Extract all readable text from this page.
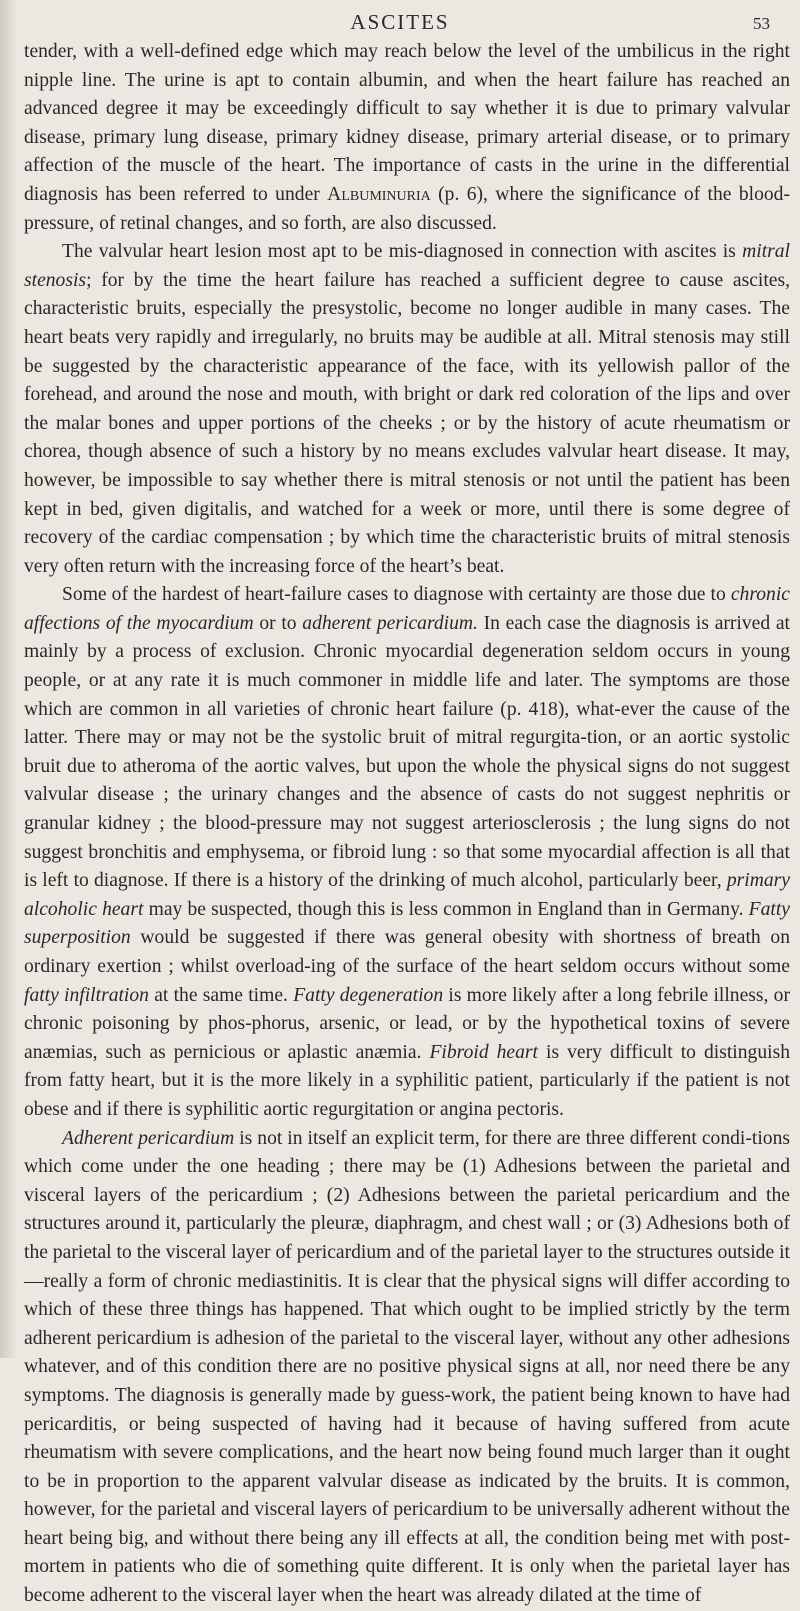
ASCITES	53

tender, with a well-defined edge which may reach below the level of the umbilicus in the right nipple line. The urine is apt to contain albumin, and when the heart failure has reached an advanced degree it may be exceedingly difficult to say whether it is due to primary valvular disease, primary lung disease, primary kidney disease, primary arterial disease, or to primary affection of the muscle of the heart. The importance of casts in the urine in the differential diagnosis has been referred to under Albuminuria (p. 6), where the significance of the blood-pressure, of retinal changes, and so forth, are also discussed.

The valvular heart lesion most apt to be mis-diagnosed in connection with ascites is mitral stenosis; for by the time the heart failure has reached a sufficient degree to cause ascites, characteristic bruits, especially the presystolic, become no longer audible in many cases. The heart beats very rapidly and irregularly, no bruits may be audible at all. Mitral stenosis may still be suggested by the characteristic appearance of the face, with its yellowish pallor of the forehead, and around the nose and mouth, with bright or dark red coloration of the lips and over the malar bones and upper portions of the cheeks ; or by the history of acute rheumatism or chorea, though absence of such a history by no means excludes valvular heart disease. It may, however, be impossible to say whether there is mitral stenosis or not until the patient has been kept in bed, given digitalis, and watched for a week or more, until there is some degree of recovery of the cardiac compensation ; by which time the characteristic bruits of mitral stenosis very often return with the increasing force of the heart’s beat.

Some of the hardest of heart-failure cases to diagnose with certainty are those due to chronic affections of the myocardium or to adherent pericardium. In each case the diagnosis is arrived at mainly by a process of exclusion. Chronic myocardial degeneration seldom occurs in young people, or at any rate it is much commoner in middle life and later. The symptoms are those which are common in all varieties of chronic heart failure (p. 418), what-ever the cause of the latter. There may or may not be the systolic bruit of mitral regurgita-tion, or an aortic systolic bruit due to atheroma of the aortic valves, but upon the whole the physical signs do not suggest valvular disease ; the urinary changes and the absence of casts do not suggest nephritis or granular kidney ; the blood-pressure may not suggest arteriosclerosis ; the lung signs do not suggest bronchitis and emphysema, or fibroid lung : so that some myocardial affection is all that is left to diagnose. If there is a history of the drinking of much alcohol, particularly beer, primary alcoholic heart may be suspected, though this is less common in England than in Germany. Fatty superposition would be suggested if there was general obesity with shortness of breath on ordinary exertion ; whilst overload-ing of the surface of the heart seldom occurs without some fatty infiltration at the same time. Fatty degeneration is more likely after a long febrile illness, or chronic poisoning by phos-phorus, arsenic, or lead, or by the hypothetical toxins of severe anæmias, such as pernicious or aplastic anæmia. Fibroid heart is very difficult to distinguish from fatty heart, but it is the more likely in a syphilitic patient, particularly if the patient is not obese and if there is syphilitic aortic regurgitation or angina pectoris.

Adherent pericardium is not in itself an explicit term, for there are three different condi-tions which come under the one heading ; there may be (1) Adhesions between the parietal and visceral layers of the pericardium ; (2) Adhesions between the parietal pericardium and the structures around it, particularly the pleuræ, diaphragm, and chest wall ; or (3) Adhesions both of the parietal to the visceral layer of pericardium and of the parietal layer to the structures outside it—really a form of chronic mediastinitis. It is clear that the physical signs will differ according to which of these three things has happened. That which ought to be implied strictly by the term adherent pericardium is adhesion of the parietal to the visceral layer, without any other adhesions whatever, and of this condition there are no positive physical signs at all, nor need there be any symptoms. The diagnosis is generally made by guess-work, the patient being known to have had pericarditis, or being suspected of having had it because of having suffered from acute rheumatism with severe complications, and the heart now being found much larger than it ought to be in proportion to the apparent valvular disease as indicated by the bruits. It is common, however, for the parietal and visceral layers of pericardium to be universally adherent without the heart being big, and without there being any ill effects at all, the condition being met with post-mortem in patients who die of something quite different. It is only when the parietal layer has become adherent to the visceral layer when the heart was already dilated at the time of
